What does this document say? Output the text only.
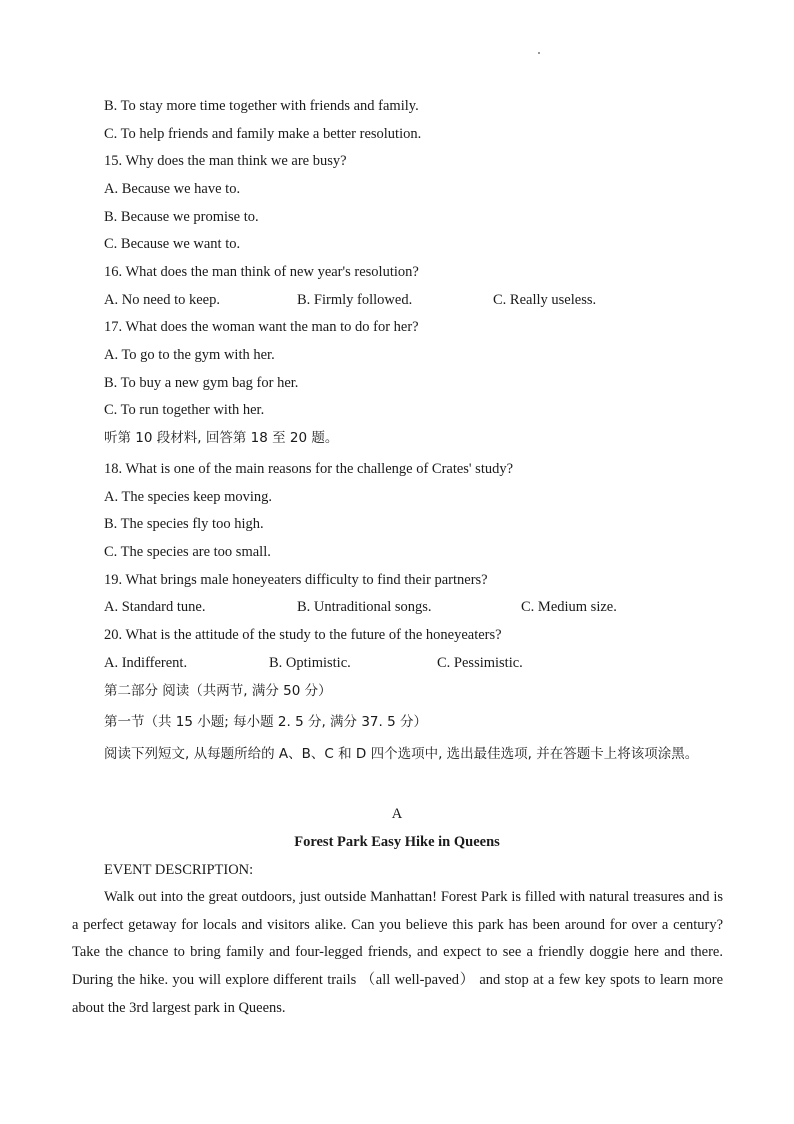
B. To stay more time together with friends and family.
C. To help friends and family make a better resolution.
15. Why does the man think we are busy?
A. Because we have to.
B. Because we promise to.
C. Because we want to.
16. What does the man think of new year's resolution?
A. No need to keep.	B. Firmly followed.	C. Really useless.
17. What does the woman want the man to do for her?
A. To go to the gym with her.
B. To buy a new gym bag for her.
C. To run together with her.
听第 10 段材料, 回答第 18 至 20 题。
18. What is one of the main reasons for the challenge of Crates' study?
A. The species keep moving.
B. The species fly too high.
C. The species are too small.
19. What brings male honeyeaters difficulty to find their partners?
A. Standard tune.	B. Untraditional songs.	C. Medium size.
20. What is the attitude of the study to the future of the honeyeaters?
A. Indifferent.	B. Optimistic.	C. Pessimistic.
第二部分 阅读（共两节, 满分 50 分）
第一节（共 15 小题; 每小题 2. 5 分, 满分 37. 5 分）
阅读下列短文, 从每题所给的 A、B、C 和 D 四个选项中, 选出最佳选项, 并在答题卡上将该项涂黑。
A
Forest Park Easy Hike in Queens
EVENT DESCRIPTION:
Walk out into the great outdoors, just outside Manhattan! Forest Park is filled with natural treasures and is a perfect getaway for locals and visitors alike. Can you believe this park has been around for over a century? Take the chance to bring family and four-legged friends, and expect to see a friendly doggie here and there. During the hike. you will explore different trails （all well-paved） and stop at a few key spots to learn more about the 3rd largest park in Queens.
